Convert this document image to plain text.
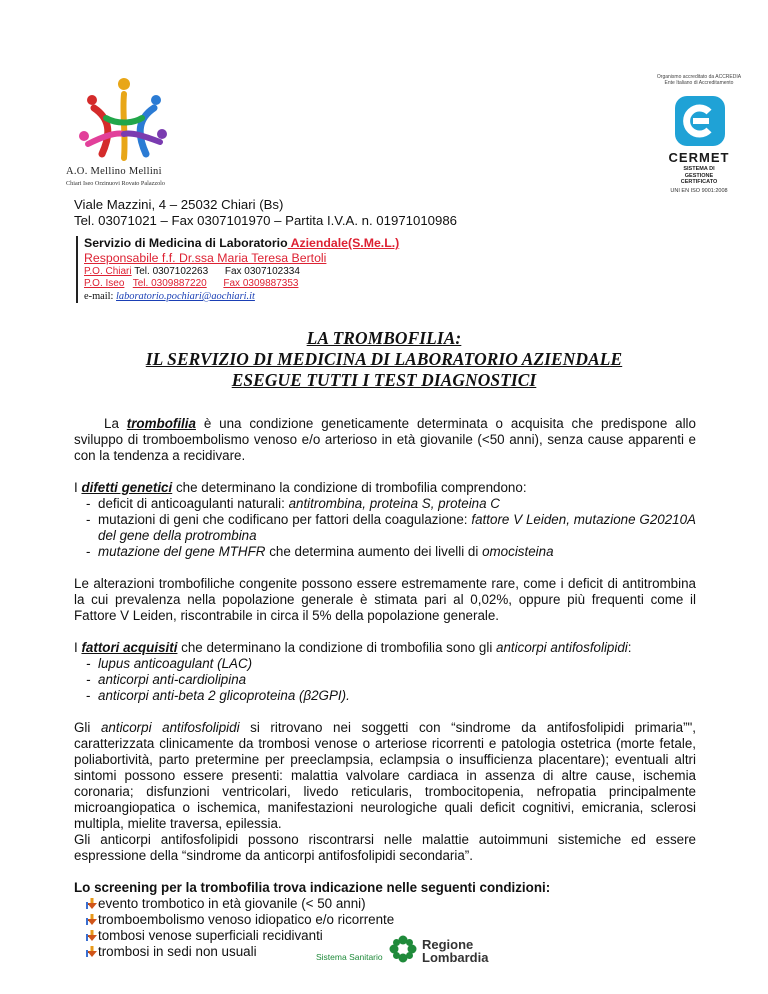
A.O. Mellino Mellini
Chiari Iseo Orzinuovi Rovato Palazzolo
Organismo accreditato da ACCREDIA Ente Italiano di Accreditamento
CERMET
SISTEMA DI GESTIONE CERTIFICATO
UNI EN ISO 9001:2008
Viale Mazzini, 4 – 25032 Chiari (Bs)
Tel. 03071021 – Fax 0307101970 – Partita I.V.A. n. 01971010986
Servizio di Medicina di Laboratorio Aziendale(S.Me.L.)
Responsabile f.f. Dr.ssa Maria Teresa Bertoli
P.O. Chiari Tel. 0307102263 Fax 0307102334
P.O. Iseo Tel. 0309887220 Fax 0309887353
e-mail: laboratorio.pochiari@aochiari.it
LA TROMBOFILIA:
IL SERVIZIO DI MEDICINA DI LABORATORIO AZIENDALE
ESEGUE TUTTI I TEST DIAGNOSTICI

La trombofilia è una condizione geneticamente determinata o acquisita che predispone allo sviluppo di tromboembolismo venoso e/o arterioso in età giovanile (<50 anni), senza cause apparenti e con la tendenza a recidivare.

I difetti genetici che determinano la condizione di trombofilia comprendono:
- deficit di anticoagulanti naturali: antitrombina, proteina S, proteina C
- mutazioni di geni che codificano per fattori della coagulazione: fattore V Leiden, mutazione G20210A del gene della protrombina
- mutazione del gene MTHFR che determina aumento dei livelli di omocisteina

Le alterazioni trombofiliche congenite possono essere estremamente rare, come i deficit di antitrombina la cui prevalenza nella popolazione generale è stimata pari al 0,02%, oppure più frequenti come il Fattore V Leiden, riscontrabile in circa il 5% della popolazione generale.

I fattori acquisiti che determinano la condizione di trombofilia sono gli anticorpi antifosfolipidi:
- lupus anticoagulant (LAC)
- anticorpi anti-cardiolipina
- anticorpi anti-beta 2 glicoproteina (β2GPI).
Gli anticorpi antifosfolipidi si ritrovano nei soggetti con “sindrome da antifosfolipidi primaria”", caratterizzata clinicamente da trombosi venose o arteriose ricorrenti e patologia ostetrica (morte fetale, poliabortività, parto pretermine per preeclampsia, eclampsia o insufficienza placentare); eventuali altri sintomi possono essere presenti: malattia valvolare cardiaca in assenza di altre cause, ischemia coronaria; disfunzioni ventricolari, livedo reticularis, trombocitopenia, nefropatia principalmente microangiopatica o ischemica, manifestazioni neurologiche quali deficit cognitivi, emicrania, sclerosi multipla, mielite traversa, epilessia.

Gli anticorpi antifosfolipidi possono riscontrarsi nelle malattie autoimmuni sistemiche ed essere espressione della “sindrome da anticorpi antifosfolipidi secondaria”.

Lo screening per la trombofilia trova indicazione nelle seguenti condizioni:
- evento trombotico in età giovanile (< 50 anni)
- tromboembolismo venoso idiopatico e/o ricorrente
- tombosi venose superficiali recidivanti
- trombosi in sedi non usuali	Sistema Sanitario
Regione
Lombardia
